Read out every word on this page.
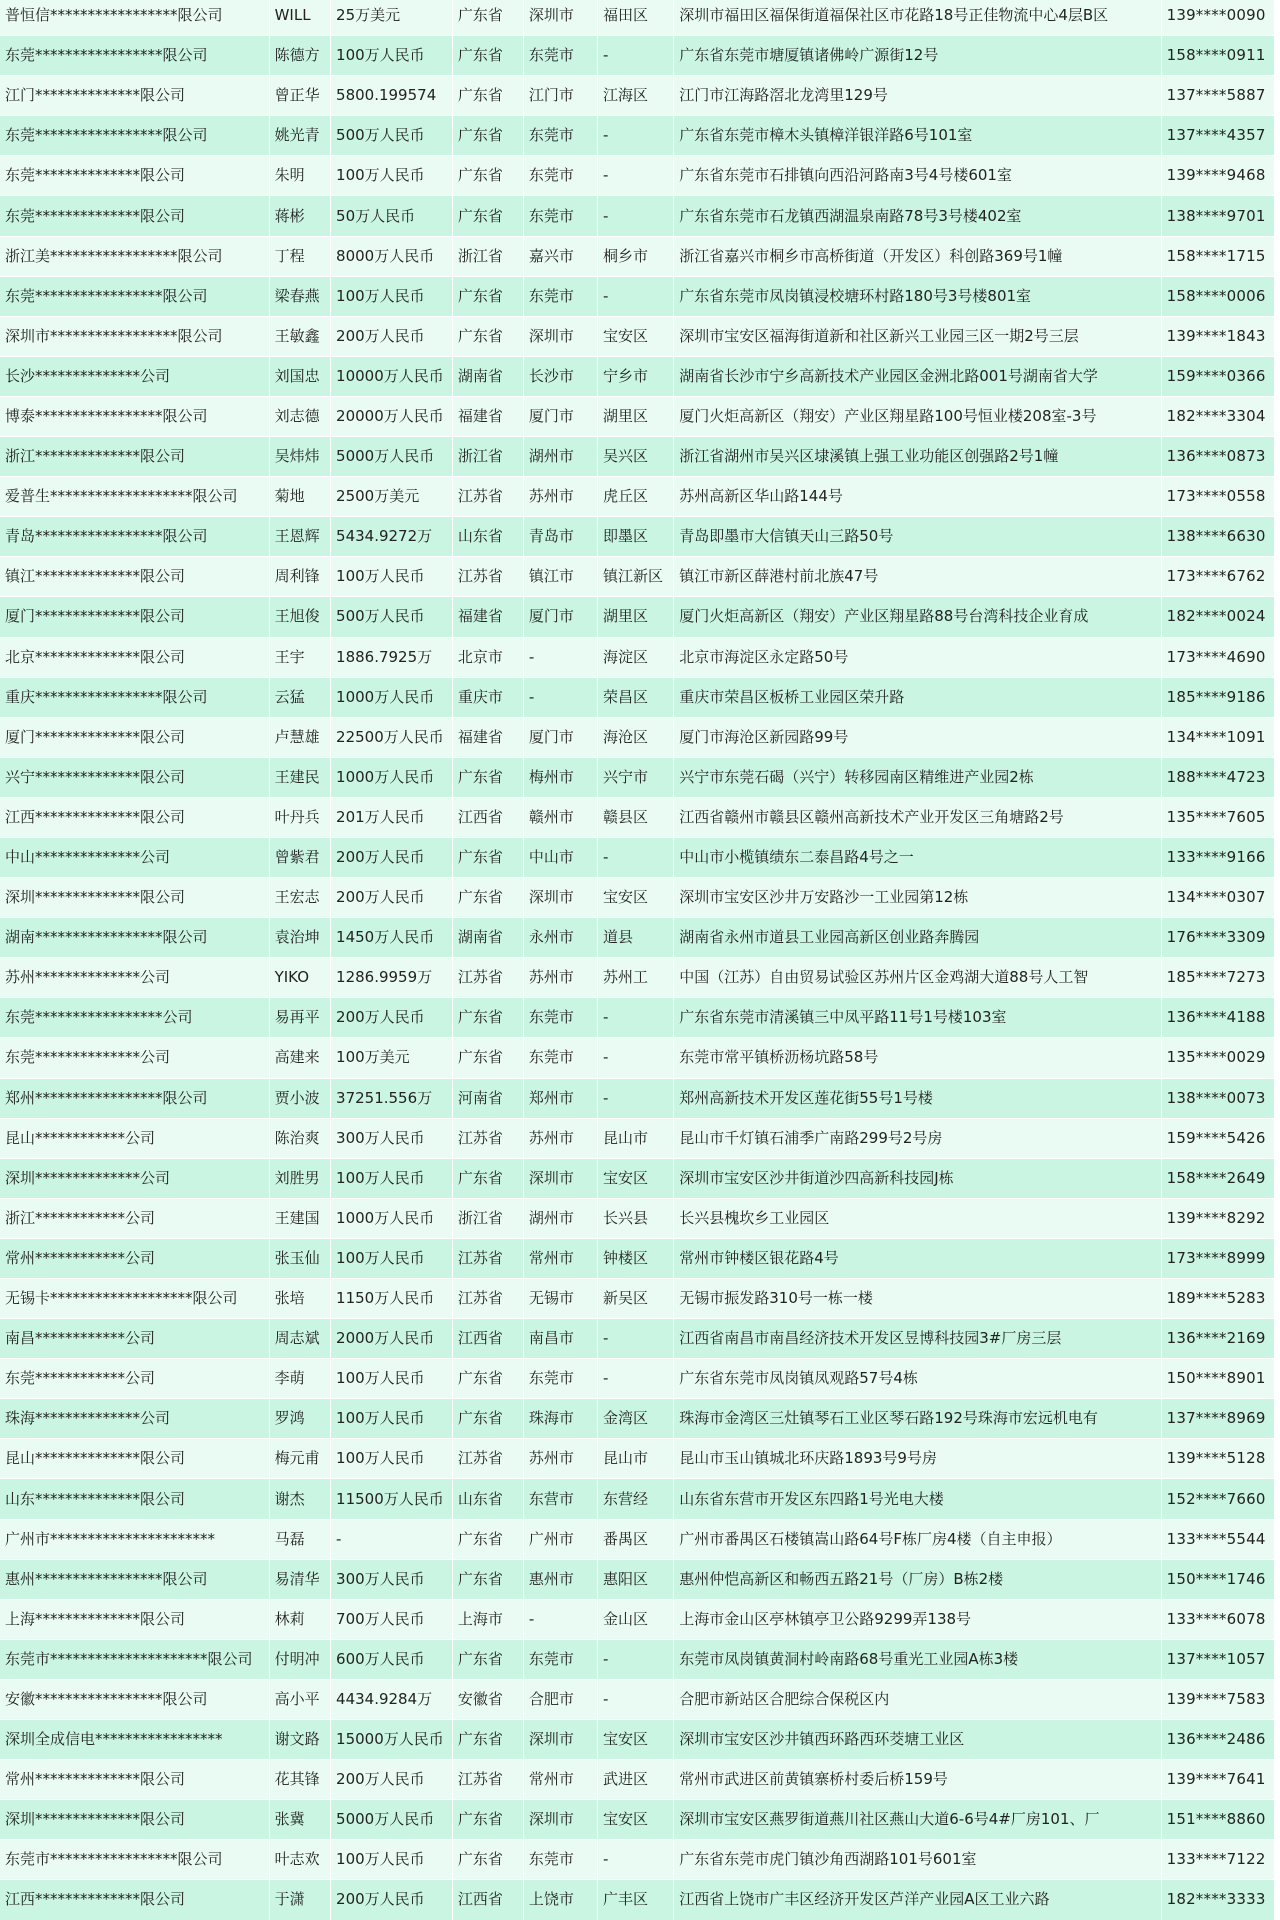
普恒信*****************限公司	WILL	25万美元	广东省	深圳市	福田区	深圳市福田区福保街道福保社区市花路18号正佳物流中心4层B区	139****0090
东莞*****************限公司	陈德方	100万人民币	广东省	东莞市	-	广东省东莞市塘厦镇诸佛岭广源街12号	158****0911
江门**************限公司	曾正华	5800.199574	广东省	江门市	江海区	江门市江海路滘北龙湾里129号	137****5887
东莞*****************限公司	姚光青	500万人民币	广东省	东莞市	-	广东省东莞市樟木头镇樟洋银洋路6号101室	137****4357
东莞**************限公司	朱明	100万人民币	广东省	东莞市	-	广东省东莞市石排镇向西沿河路南3号4号楼601室	139****9468
东莞**************限公司	蒋彬	50万人民币	广东省	东莞市	-	广东省东莞市石龙镇西湖温泉南路78号3号楼402室	138****9701
浙江美*****************限公司	丁程	8000万人民币	浙江省	嘉兴市	桐乡市	浙江省嘉兴市桐乡市高桥街道（开发区）科创路369号1幢	158****1715
东莞*****************限公司	梁春燕	100万人民币	广东省	东莞市	-	广东省东莞市凤岗镇浸校塘环村路180号3号楼801室	158****0006
深圳市*****************限公司	王敏鑫	200万人民币	广东省	深圳市	宝安区	深圳市宝安区福海街道新和社区新兴工业园三区一期2号三层	139****1843
长沙**************公司	刘国忠	10000万人民币	湖南省	长沙市	宁乡市	湖南省长沙市宁乡高新技术产业园区金洲北路001号湖南省大学	159****0366
博泰*****************限公司	刘志德	20000万人民币	福建省	厦门市	湖里区	厦门火炬高新区（翔安）产业区翔星路100号恒业楼208室-3号	182****3304
浙江**************限公司	吴炜炜	5000万人民币	浙江省	湖州市	吴兴区	浙江省湖州市吴兴区埭溪镇上强工业功能区创强路2号1幢	136****0873
爱普生*******************限公司	菊地	2500万美元	江苏省	苏州市	虎丘区	苏州高新区华山路144号	173****0558
青岛*****************限公司	王恩辉	5434.9272万	山东省	青岛市	即墨区	青岛即墨市大信镇天山三路50号	138****6630
镇江**************限公司	周利锋	100万人民币	江苏省	镇江市	镇江新区	镇江市新区薛港村前北族47号	173****6762
厦门**************限公司	王旭俊	500万人民币	福建省	厦门市	湖里区	厦门火炬高新区（翔安）产业区翔星路88号台湾科技企业育成	182****0024
北京**************限公司	王宇	1886.7925万	北京市	-	海淀区	北京市海淀区永定路50号	173****4690
重庆*****************限公司	云猛	1000万人民币	重庆市	-	荣昌区	重庆市荣昌区板桥工业园区荣升路	185****9186
厦门**************限公司	卢慧雄	22500万人民币	福建省	厦门市	海沧区	厦门市海沧区新园路99号	134****1091
兴宁**************限公司	王建民	1000万人民币	广东省	梅州市	兴宁市	兴宁市东莞石碣（兴宁）转移园南区精维进产业园2栋	188****4723
江西**************限公司	叶丹兵	201万人民币	江西省	赣州市	赣县区	江西省赣州市赣县区赣州高新技术产业开发区三角塘路2号	135****7605
中山**************公司	曾紫君	200万人民币	广东省	中山市	-	中山市小榄镇绩东二泰昌路4号之一	133****9166
深圳**************限公司	王宏志	200万人民币	广东省	深圳市	宝安区	深圳市宝安区沙井万安路沙一工业园第12栋	134****0307
湖南*****************限公司	袁治坤	1450万人民币	湖南省	永州市	道县	湖南省永州市道县工业园高新区创业路奔腾园	176****3309
苏州**************公司	YIKO	1286.9959万	江苏省	苏州市	苏州工	中国（江苏）自由贸易试验区苏州片区金鸡湖大道88号人工智	185****7273
东莞*****************公司	易再平	200万人民币	广东省	东莞市	-	广东省东莞市清溪镇三中凤平路11号1号楼103室	136****4188
东莞**************公司	高建来	100万美元	广东省	东莞市	-	东莞市常平镇桥沥杨坑路58号	135****0029
郑州*****************限公司	贾小波	37251.556万	河南省	郑州市	-	郑州高新技术开发区莲花街55号1号楼	138****0073
昆山************公司	陈治爽	300万人民币	江苏省	苏州市	昆山市	昆山市千灯镇石浦季广南路299号2号房	159****5426
深圳**************公司	刘胜男	100万人民币	广东省	深圳市	宝安区	深圳市宝安区沙井街道沙四高新科技园J栋	158****2649
浙江************公司	王建国	1000万人民币	浙江省	湖州市	长兴县	长兴县槐坎乡工业园区	139****8292
常州************公司	张玉仙	100万人民币	江苏省	常州市	钟楼区	常州市钟楼区银花路4号	173****8999
无锡卡*******************限公司	张培	1150万人民币	江苏省	无锡市	新吴区	无锡市振发路310号一栋一楼	189****5283
南昌************公司	周志斌	2000万人民币	江西省	南昌市	-	江西省南昌市南昌经济技术开发区昱博科技园3#厂房三层	136****2169
东莞************公司	李萌	100万人民币	广东省	东莞市	-	广东省东莞市凤岗镇凤观路57号4栋	150****8901
珠海**************公司	罗鸿	100万人民币	广东省	珠海市	金湾区	珠海市金湾区三灶镇琴石工业区琴石路192号珠海市宏远机电有	137****8969
昆山**************限公司	梅元甫	100万人民币	江苏省	苏州市	昆山市	昆山市玉山镇城北环庆路1893号9号房	139****5128
山东**************限公司	谢杰	11500万人民币	山东省	东营市	东营经	山东省东营市开发区东四路1号光电大楼	152****7660
广州市**********************	马磊	-	广东省	广州市	番禺区	广州市番禺区石楼镇嵩山路64号F栋厂房4楼（自主申报）	133****5544
惠州*****************限公司	易清华	300万人民币	广东省	惠州市	惠阳区	惠州仲恺高新区和畅西五路21号（厂房）B栋2楼	150****1746
上海**************限公司	林莉	700万人民币	上海市	-	金山区	上海市金山区亭林镇亭卫公路9299弄138号	133****6078
东莞市*********************限公司	付明冲	600万人民币	广东省	东莞市	-	东莞市凤岗镇黄洞村岭南路68号重光工业园A栋3楼	137****1057
安徽*****************限公司	高小平	4434.9284万	安徽省	合肥市	-	合肥市新站区合肥综合保税区内	139****7583
深圳全成信电*****************	谢文路	15000万人民币	广东省	深圳市	宝安区	深圳市宝安区沙井镇西环路西环茭塘工业区	136****2486
常州**************限公司	花其锋	200万人民币	江苏省	常州市	武进区	常州市武进区前黄镇寨桥村委后桥159号	139****7641
深圳**************限公司	张冀	5000万人民币	广东省	深圳市	宝安区	深圳市宝安区燕罗街道燕川社区燕山大道6-6号4#厂房101、厂	151****8860
东莞市*****************限公司	叶志欢	100万人民币	广东省	东莞市	-	广东省东莞市虎门镇沙角西湖路101号601室	133****7122
江西**************限公司	于潇	200万人民币	江西省	上饶市	广丰区	江西省上饶市广丰区经济开发区芦洋产业园A区工业六路	182****3333
